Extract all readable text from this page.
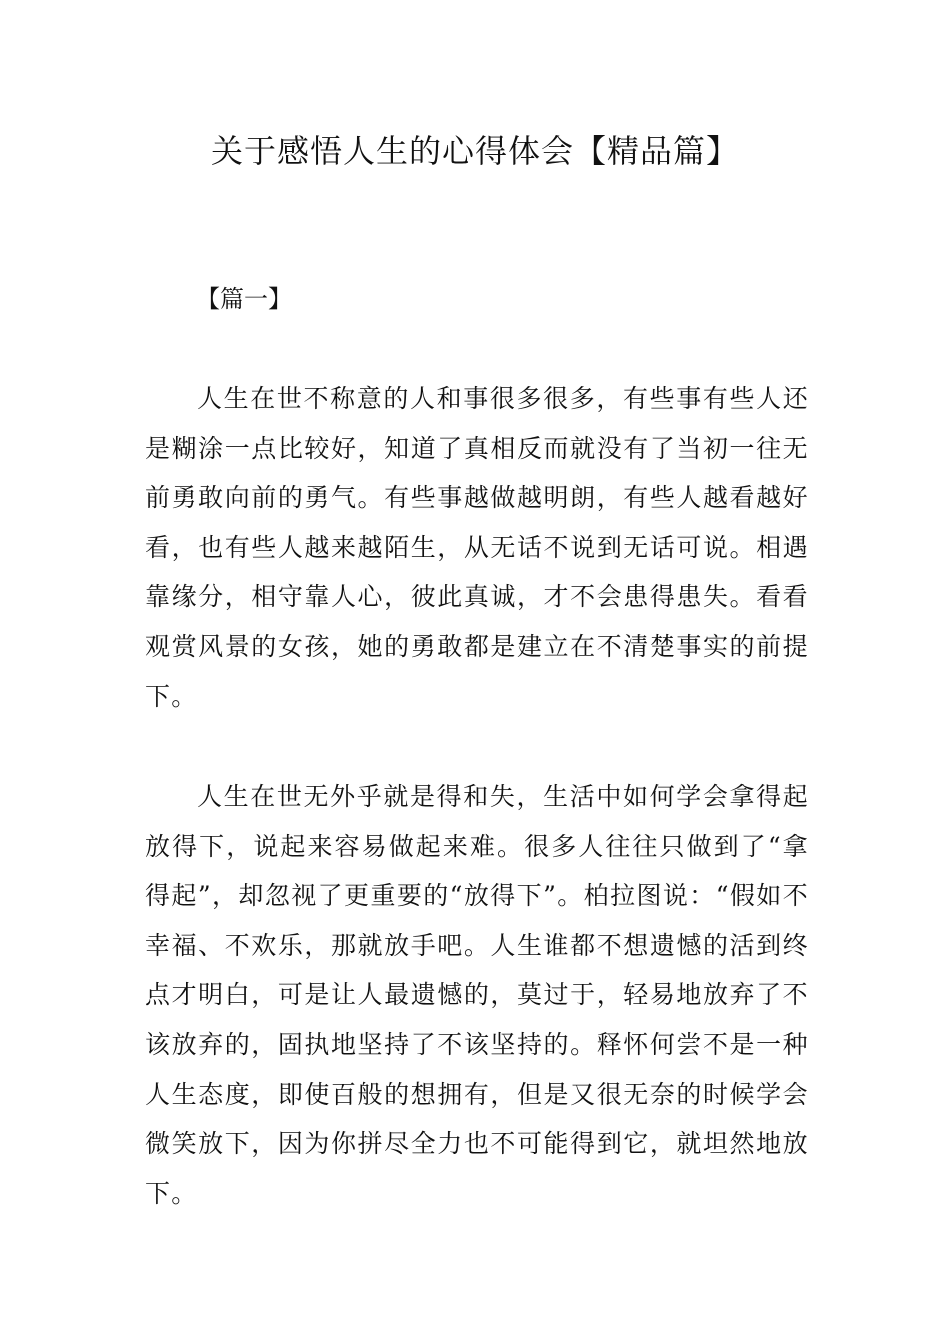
关于感悟人生的心得体会【精品篇】
【篇一】

人生在世不称意的人和事很多很多，有些事有些人还是糊涂一点比较好，知道了真相反而就没有了当初一往无前勇敢向前的勇气。有些事越做越明朗，有些人越看越好看，也有些人越来越陌生，从无话不说到无话可说。相遇靠缘分，相守靠人心，彼此真诚，才不会患得患失。看看观赏风景的女孩，她的勇敢都是建立在不清楚事实的前提下。

人生在世无外乎就是得和失，生活中如何学会拿得起放得下，说起来容易做起来难。很多人往往只做到了“拿得起”，却忽视了更重要的“放得下”。柏拉图说：“假如不幸福、不欢乐，那就放手吧。人生谁都不想遗憾的活到终点才明白，可是让人最遗憾的，莫过于，轻易地放弃了不该放弃的，固执地坚持了不该坚持的。释怀何尝不是一种人生态度，即使百般的想拥有，但是又很无奈的时候学会微笑放下，因为你拼尽全力也不可能得到它，就坦然地放下。
